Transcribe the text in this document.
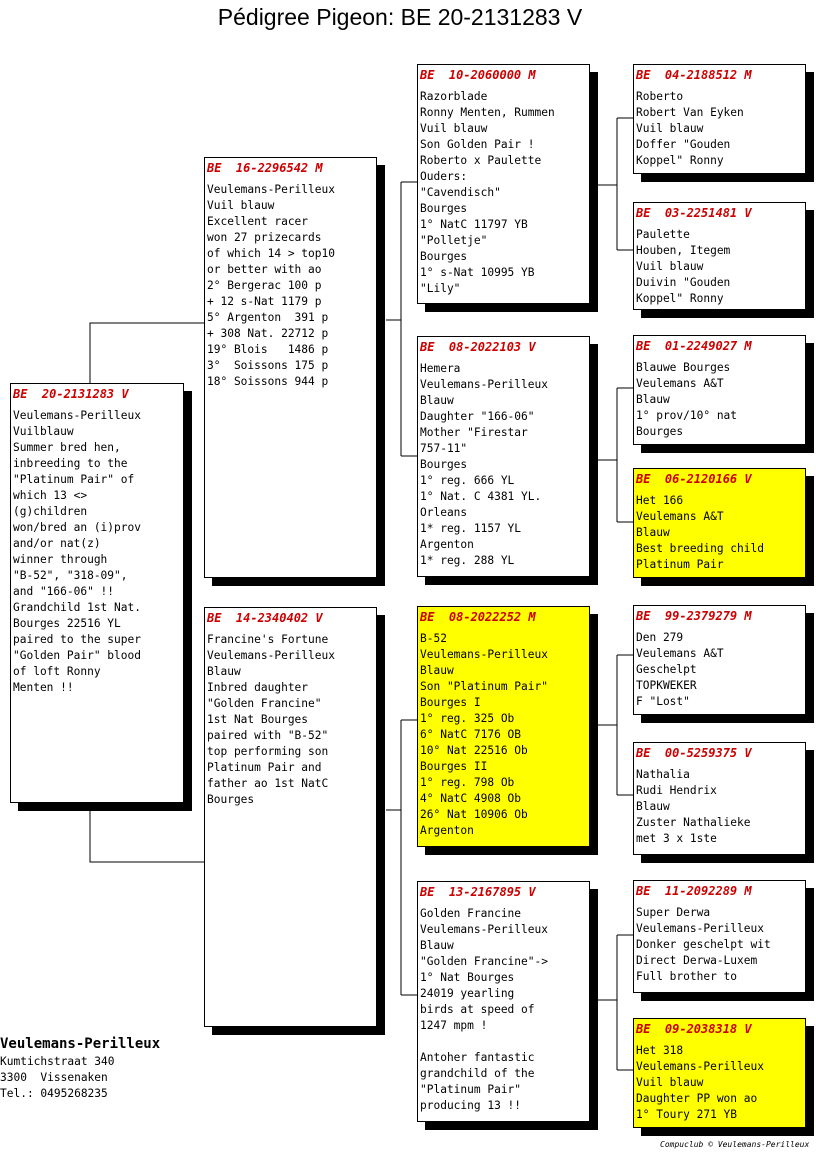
Pédigree Pigeon: BE 20-2131283 V
BE  20-2131283 V
Veulemans-Perilleux
Vuilblauw
Summer bred hen,
inbreeding to the
"Platinum Pair" of
which 13 <>
(g)children
won/bred an (i)prov
and/or nat(z)
winner through
"B-52", "318-09",
and "166-06" !!
Grandchild 1st Nat.
Bourges 22516 YL
paired to the super
"Golden Pair" blood
of loft Ronny
Menten !!
BE  16-2296542 M
Veulemans-Perilleux
Vuil blauw
Excellent racer
won 27 prizecards
of which 14 > top10
or better with ao
2° Bergerac 100 p
+ 12 s-Nat 1179 p
5° Argenton  391 p
+ 308 Nat. 22712 p
19° Blois   1486 p
3°  Soissons 175 p
18° Soissons 944 p
BE  14-2340402 V
Francine's Fortune
Veulemans-Perilleux
Blauw
Inbred daughter
"Golden Francine"
1st Nat Bourges
paired with "B-52"
top performing son
Platinum Pair and
father ao 1st NatC
Bourges
BE  10-2060000 M
Razorblade
Ronny Menten, Rummen
Vuil blauw
Son Golden Pair !
Roberto x Paulette
Ouders:
"Cavendisch"
Bourges
1° NatC 11797 YB
"Polletje"
Bourges
1° s-Nat 10995 YB
"Lily"
BE  08-2022103 V
Hemera
Veulemans-Perilleux
Blauw
Daughter "166-06"
Mother "Firestar
757-11"
Bourges
1° reg. 666 YL
1° Nat. C 4381 YL.
Orleans
1* reg. 1157 YL
Argenton
1* reg. 288 YL
BE  08-2022252 M
B-52
Veulemans-Perilleux
Blauw
Son "Platinum Pair"
Bourges I
1° reg. 325 Ob
6° NatC 7176 OB
10° Nat 22516 Ob
Bourges II
1° reg. 798 Ob
4° NatC 4908 Ob
26° Nat 10906 Ob
Argenton
BE  13-2167895 V
Golden Francine
Veulemans-Perilleux
Blauw
"Golden Francine"->
1° Nat Bourges
24019 yearling
birds at speed of
1247 mpm !
Antoher fantastic
grandchild of the
"Platinum Pair"
producing 13 !!
BE  04-2188512 M
Roberto
Robert Van Eyken
Vuil blauw
Doffer "Gouden
Koppel" Ronny
BE  03-2251481 V
Paulette
Houben, Itegem
Vuil blauw
Duivin "Gouden
Koppel" Ronny
BE  01-2249027 M
Blauwe Bourges
Veulemans A&T
Blauw
1° prov/10° nat
Bourges
BE  06-2120166 V
Het 166
Veulemans A&T
Blauw
Best breeding child
Platinum Pair
BE  99-2379279 M
Den 279
Veulemans A&T
Geschelpt
TOPKWEKER
F "Lost"
BE  00-5259375 V
Nathalia
Rudi Hendrix
Blauw
Zuster Nathalieke
met 3 x 1ste
BE  11-2092289 M
Super Derwa
Veulemans-Perilleux
Donker geschelpt wit
Direct Derwa-Luxem
Full brother to
BE  09-2038318 V
Het 318
Veulemans-Perilleux
Vuil blauw
Daughter PP won ao
1° Toury 271 YB
Veulemans-Perilleux
Kumtichstraat 340
3300  Vissenaken
Tel.: 0495268235
Compuclub © Veulemans-Perilleux
